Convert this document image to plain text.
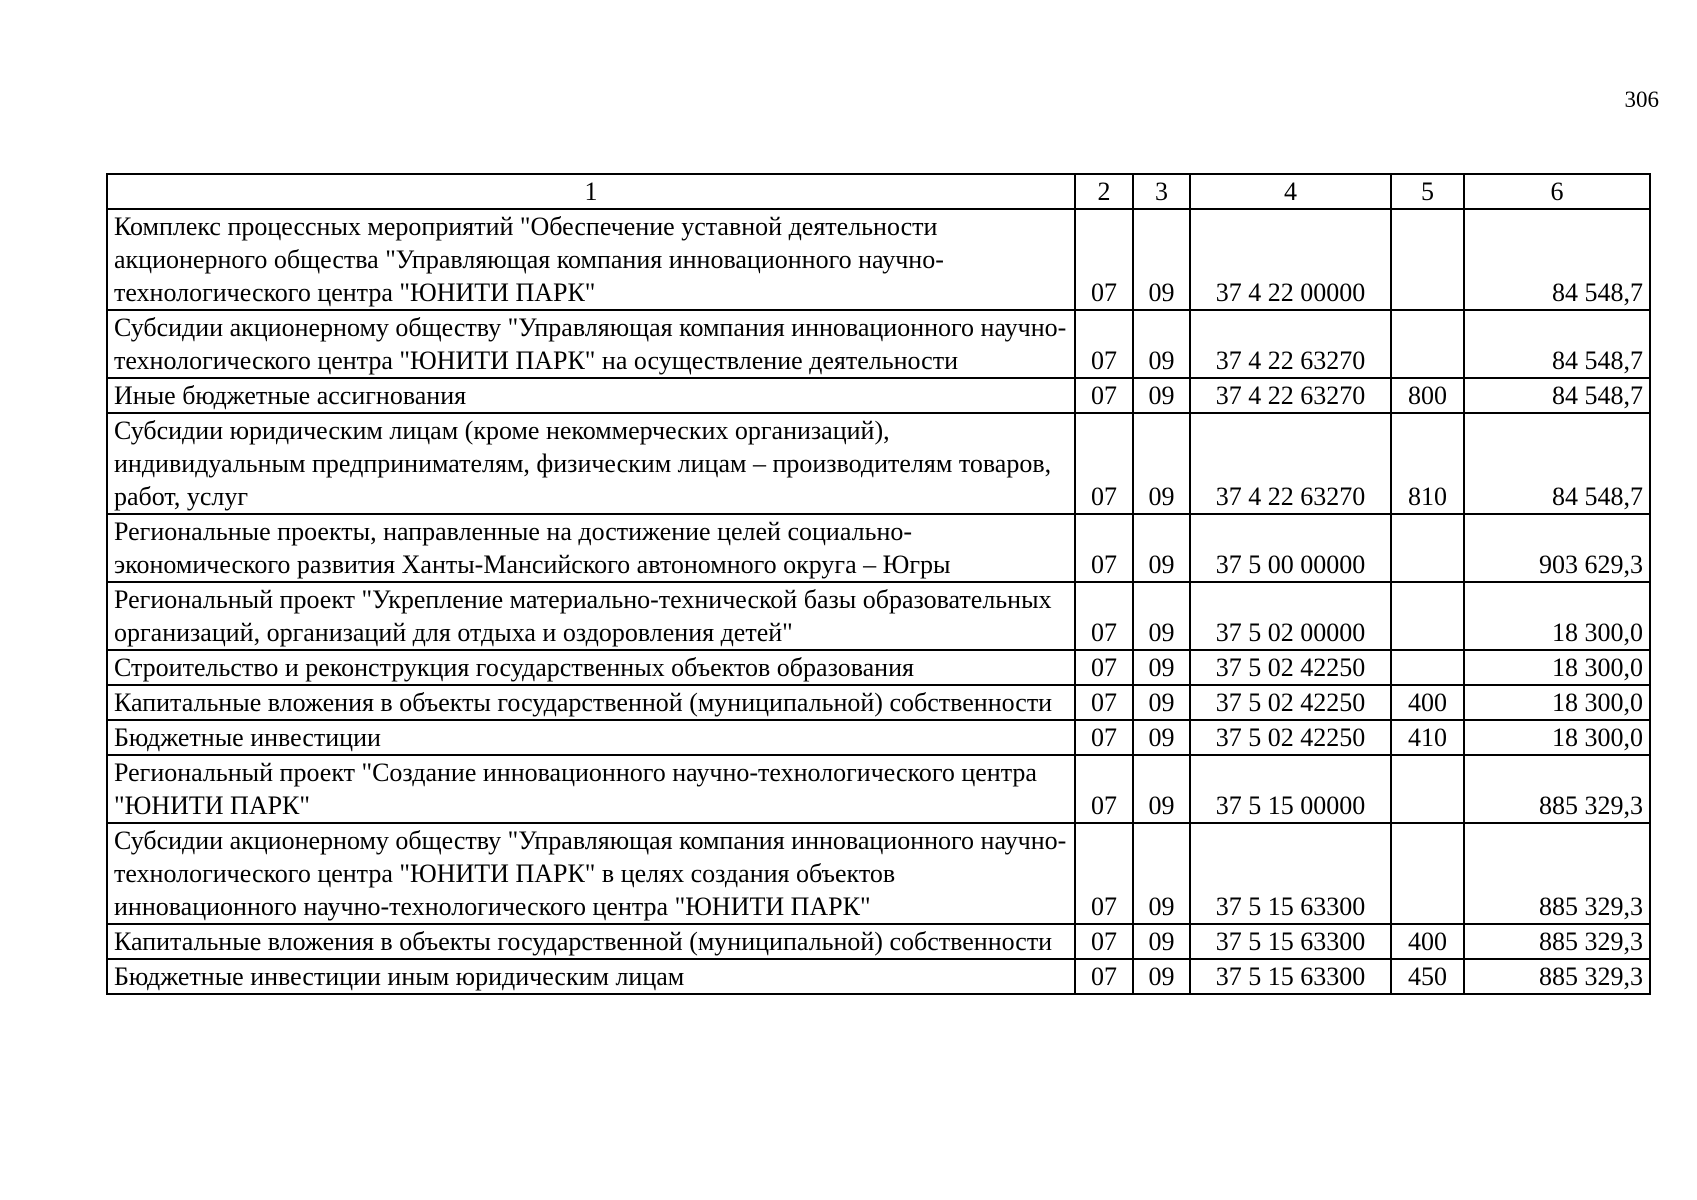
306
1	2	3	4	5	6
Комплекс процессных мероприятий "Обеспечение уставной деятельности акционерного общества "Управляющая компания инновационного научно-технологического центра "ЮНИТИ ПАРК"	07	09	37 4 22 00000		84 548,7
Субсидии акционерному обществу "Управляющая компания инновационного научно-технологического центра "ЮНИТИ ПАРК" на осуществление деятельности	07	09	37 4 22 63270		84 548,7
Иные бюджетные ассигнования	07	09	37 4 22 63270	800	84 548,7
Субсидии юридическим лицам (кроме некоммерческих организаций), индивидуальным предпринимателям, физическим лицам – производителям товаров, работ, услуг	07	09	37 4 22 63270	810	84 548,7
Региональные проекты, направленные на достижение целей социально-экономического развития Ханты-Мансийского автономного округа – Югры	07	09	37 5 00 00000		903 629,3
Региональный проект "Укрепление материально-технической базы образовательных организаций, организаций для отдыха и оздоровления детей"	07	09	37 5 02 00000		18 300,0
Строительство и реконструкция государственных объектов образования	07	09	37 5 02 42250		18 300,0
Капитальные вложения в объекты государственной (муниципальной) собственности	07	09	37 5 02 42250	400	18 300,0
Бюджетные инвестиции	07	09	37 5 02 42250	410	18 300,0
Региональный проект "Создание инновационного научно-технологического центра "ЮНИТИ ПАРК"	07	09	37 5 15 00000		885 329,3
Субсидии акционерному обществу "Управляющая компания инновационного научно-технологического центра "ЮНИТИ ПАРК" в целях создания объектов инновационного научно-технологического центра "ЮНИТИ ПАРК"	07	09	37 5 15 63300		885 329,3
Капитальные вложения в объекты государственной (муниципальной) собственности	07	09	37 5 15 63300	400	885 329,3
Бюджетные инвестиции иным юридическим лицам	07	09	37 5 15 63300	450	885 329,3
